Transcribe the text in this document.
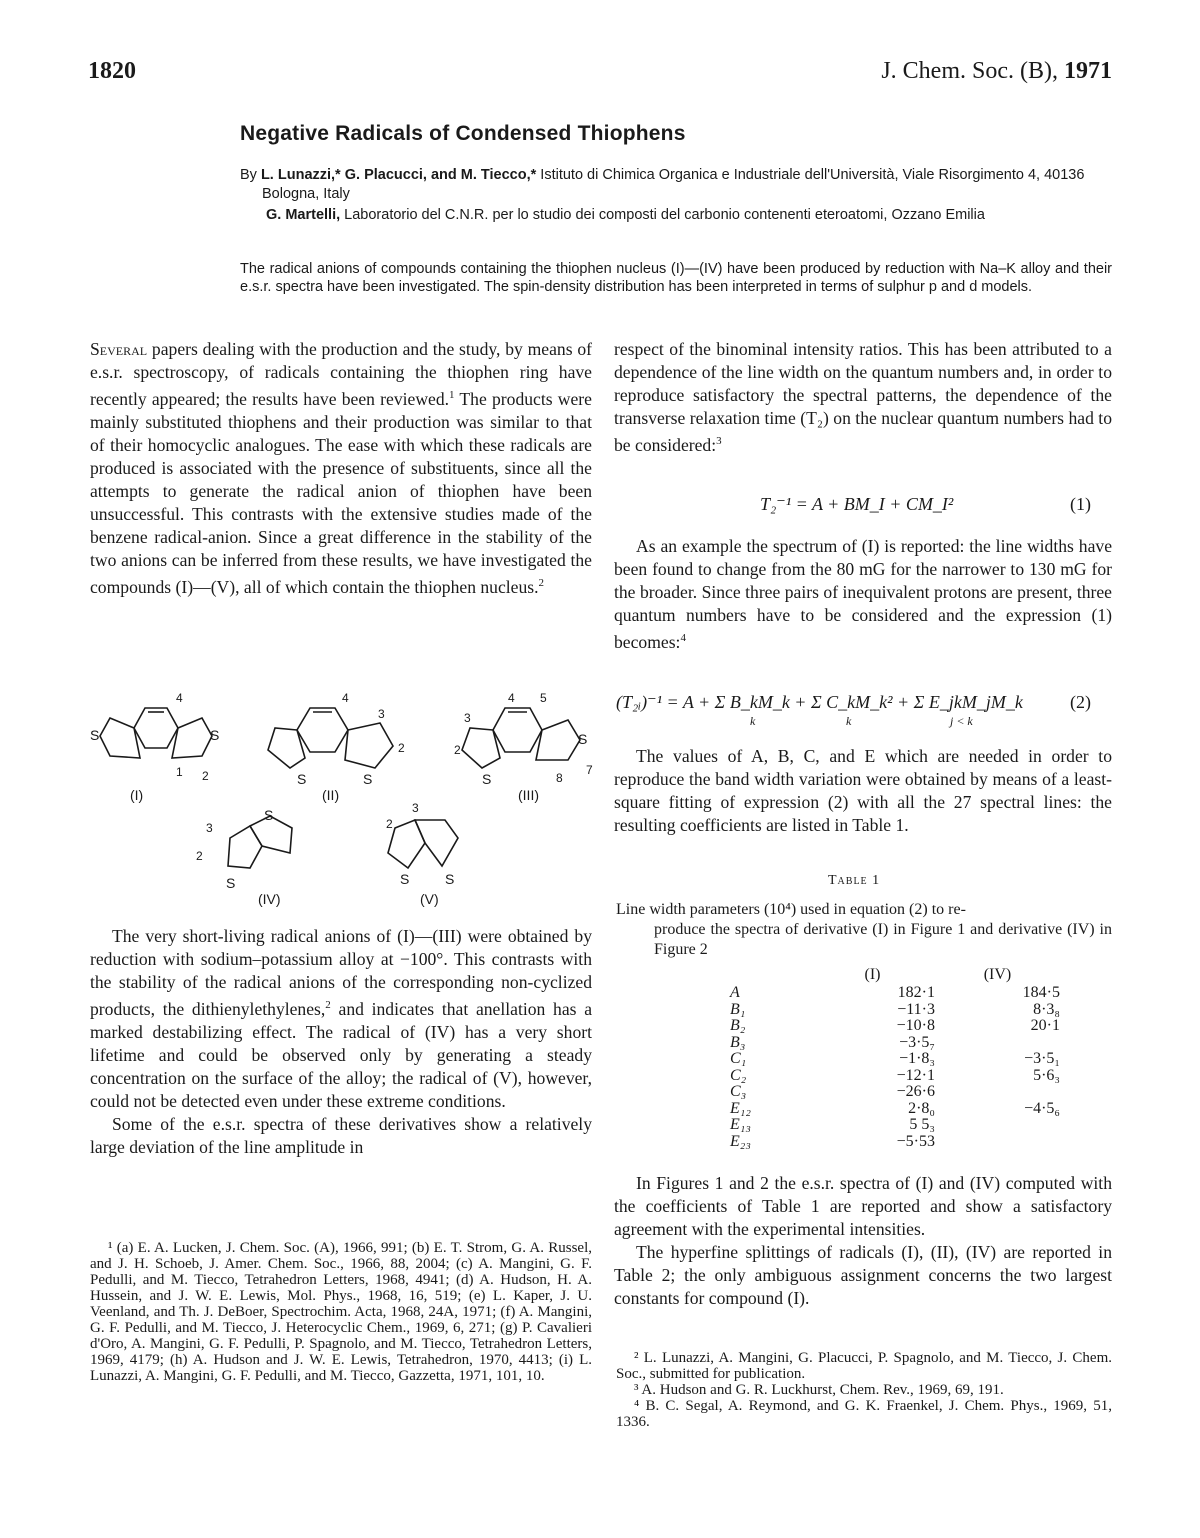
1820	J. Chem. Soc. (B), 1971
Negative Radicals of Condensed Thiophens
By L. Lunazzi,* G. Placucci, and M. Tiecco,* Istituto di Chimica Organica e Industriale dell'Università, Viale Risorgimento 4, 40136 Bologna, Italy
G. Martelli, Laboratorio del C.N.R. per lo studio dei composti del carbonio contenenti eteroatomi, Ozzano Emilia
The radical anions of compounds containing the thiophen nucleus (I)—(IV) have been produced by reduction with Na–K alloy and their e.s.r. spectra have been investigated. The spin-density distribution has been interpreted in terms of sulphur p and d models.

Several papers dealing with the production and the study, by means of e.s.r. spectroscopy, of radicals containing the thiophen ring have recently appeared; the results have been reviewed.$^1$ The products were mainly substituted thiophens and their production was similar to that of their homocyclic analogues. The ease with which these radicals are produced is associated with the presence of substituents, since all the attempts to generate the radical anion of thiophen have been unsuccessful. This contrasts with the extensive studies made of the benzene radical-anion. Since a great difference in the stability of the two anions can be inferred from these results, we have investigated the compounds (I)—(V), all of which contain the thiophen nucleus.$^2$

S	S
2
1
4
(I)
S	S
3
2
4
(II)
S
S
3
2
4 5
7
8
(III)
S
S
3
2
(IV)
S	S
3
2
(V)

The very short-living radical anions of (I)—(III) were obtained by reduction with sodium–potassium alloy at −100°. This contrasts with the stability of the radical anions of the corresponding non-cyclized products, the dithienylethylenes,$^2$ and indicates that anellation has a marked destabilizing effect. The radical of (IV) has a very short lifetime and could be observed only by generating a steady concentration on the surface of the alloy; the radical of (V), however, could not be detected even under these extreme conditions.

Some of the e.s.r. spectra of these derivatives show a relatively large deviation of the line amplitude in

¹ (a) E. A. Lucken, J. Chem. Soc. (A), 1966, 991; (b) E. T. Strom, G. A. Russel, and J. H. Schoeb, J. Amer. Chem. Soc., 1966, 88, 2004; (c) A. Mangini, G. F. Pedulli, and M. Tiecco, Tetrahedron Letters, 1968, 4941; (d) A. Hudson, H. A. Hussein, and J. W. E. Lewis, Mol. Phys., 1968, 16, 519; (e) L. Kaper, J. U. Veenland, and Th. J. DeBoer, Spectrochim. Acta, 1968, 24A, 1971; (f) A. Mangini, G. F. Pedulli, and M. Tiecco, J. Heterocyclic Chem., 1969, 6, 271; (g) P. Cavalieri d'Oro, A. Mangini, G. F. Pedulli, P. Spagnolo, and M. Tiecco, Tetrahedron Letters, 1969, 4179; (h) A. Hudson and J. W. E. Lewis, Tetrahedron, 1970, 4413; (i) L. Lunazzi, A. Mangini, G. F. Pedulli, and M. Tiecco, Gazzetta, 1971, 101, 10.

respect of the binominal intensity ratios. This has been attributed to a dependence of the line width on the quantum numbers and, in order to reproduce satisfactory the spectral patterns, the dependence of the transverse relaxation time (T₂) on the nuclear quantum numbers had to be considered:$^3$

T₂⁻¹ = A + BM_I + CM_I²	(1)

As an example the spectrum of (I) is reported: the line widths have been found to change from the 80 mG for the narrower to 130 mG for the broader. Since three pairs of inequivalent protons are present, three quantum numbers have to be considered and the expression (1) becomes:$^4$

(T₂ᵢ)⁻¹ = A + Σ B_kM_k + Σ C_kM_k² + Σ E_jkM_jM_k
k	k	j < k
(2)

The values of A, B, C, and E which are needed in order to reproduce the band width variation were obtained by means of a least-square fitting of expression (2) with all the 27 spectral lines: the resulting coefficients are listed in Table 1.

Table 1
Line width parameters (10⁴) used in equation (2) to re-
produce the spectra of derivative (I) in Figure 1 and derivative (IV) in Figure 2
	(I)	(IV)
A	182·1	184·5
B₁	−11·3	8·3₈
B₂	−10·8	20·1
B₃	−3·5₇	
C₁	−1·8₃	−3·5₁
C₂	−12·1	5·6₃
C₃	−26·6	
E₁₂	2·8₀	−4·5₆
E₁₃	5 5₃	
E₂₃	−5·53	

In Figures 1 and 2 the e.s.r. spectra of (I) and (IV) computed with the coefficients of Table 1 are reported and show a satisfactory agreement with the experimental intensities.

The hyperfine splittings of radicals (I), (II), (IV) are reported in Table 2; the only ambiguous assignment concerns the two largest constants for compound (I).

² L. Lunazzi, A. Mangini, G. Placucci, P. Spagnolo, and M. Tiecco, J. Chem. Soc., submitted for publication.

³ A. Hudson and G. R. Luckhurst, Chem. Rev., 1969, 69, 191.

⁴ B. C. Segal, A. Reymond, and G. K. Fraenkel, J. Chem. Phys., 1969, 51, 1336.
